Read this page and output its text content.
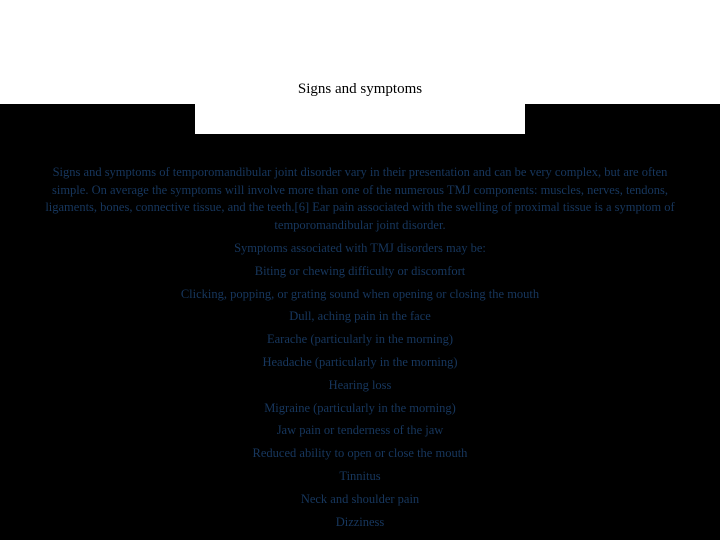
Signs and symptoms

Signs and symptoms of temporomandibular joint disorder vary in their presentation and can be very complex, but are often simple. On average the symptoms will involve more than one of the numerous TMJ components: muscles, nerves, tendons, ligaments, bones, connective tissue, and the teeth.[6] Ear pain associated with the swelling of proximal tissue is a symptom of temporomandibular joint disorder.

Symptoms associated with TMJ disorders may be:
Biting or chewing difficulty or discomfort
Clicking, popping, or grating sound when opening or closing the mouth
Dull, aching pain in the face
Earache (particularly in the morning)
Headache (particularly in the morning)
Hearing loss
Migraine (particularly in the morning)
Jaw pain or tenderness of the jaw
Reduced ability to open or close the mouth
Tinnitus
Neck and shoulder pain
Dizziness
